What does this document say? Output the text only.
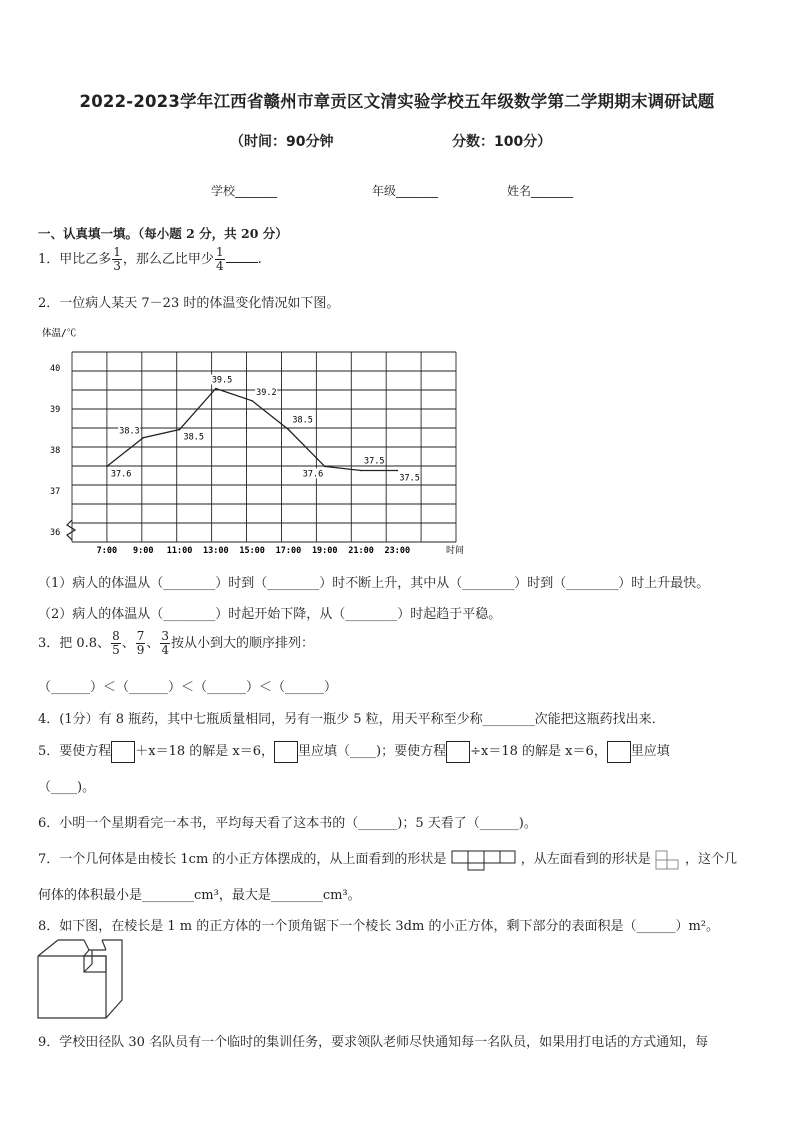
2022-2023学年江西省赣州市章贡区文清实验学校五年级数学第二学期期末调研试题
（时间：90分钟	分数：100分）
学校_______	年级_______	姓名_______
一、认真填一填。（每小题 2 分，共 20 分）
1．甲比乙多 $\frac{1}{3}$ ，那么乙比甲少 $\frac{1}{4}$	.
2．一位病人某天 7－23 时的体温变化情况如下图。
37.6
38.3
38.5
39.5
39.2
38.5
37.6
37.5
37.5
7:00 9:00 11:00 13:00 15:00 17:00 19:00 21:00 23:00
40
39
38
37
36
体温/℃
时间
（1）病人的体温从（________）时到（________）时不断上升，其中从（________）时到（________）时上升最快。
（2）病人的体温从（________）时起开始下降，从（________）时起趋于平稳。
3．把 0.8、 $\frac{8}{5}$ 、 $\frac{7}{9}$ 、 $\frac{3}{4}$ 按从小到大的顺序排列：
（______）＜（______）＜（______）＜（______）
4．(1分）有 8 瓶药，其中七瓶质量相同，另有一瓶少 5 粒，用天平称至少称________次能把这瓶药找出来．
5．要使方程 ＋x＝18 的解是 x＝6， 里应填（____)；要使方程 ÷x＝18 的解是 x＝6， 里应填
（____)。
6．小明一个星期看完一本书，平均每天看了这本书的（______)；5 天看了（______)。
7．一个几何体是由棱长 1cm 的小正方体摆成的，从上面看到的形状是	，从左面看到的形状是	，这个几
何体的体积最小是________cm³，最大是________cm³。
8．如下图，在棱长是 1 m 的正方体的一个顶角锯下一个棱长 3dm 的小正方体，剩下部分的表面积是（______）m²。
9．学校田径队 30 名队员有一个临时的集训任务，要求领队老师尽快通知每一名队员，如果用打电话的方式通知，每
